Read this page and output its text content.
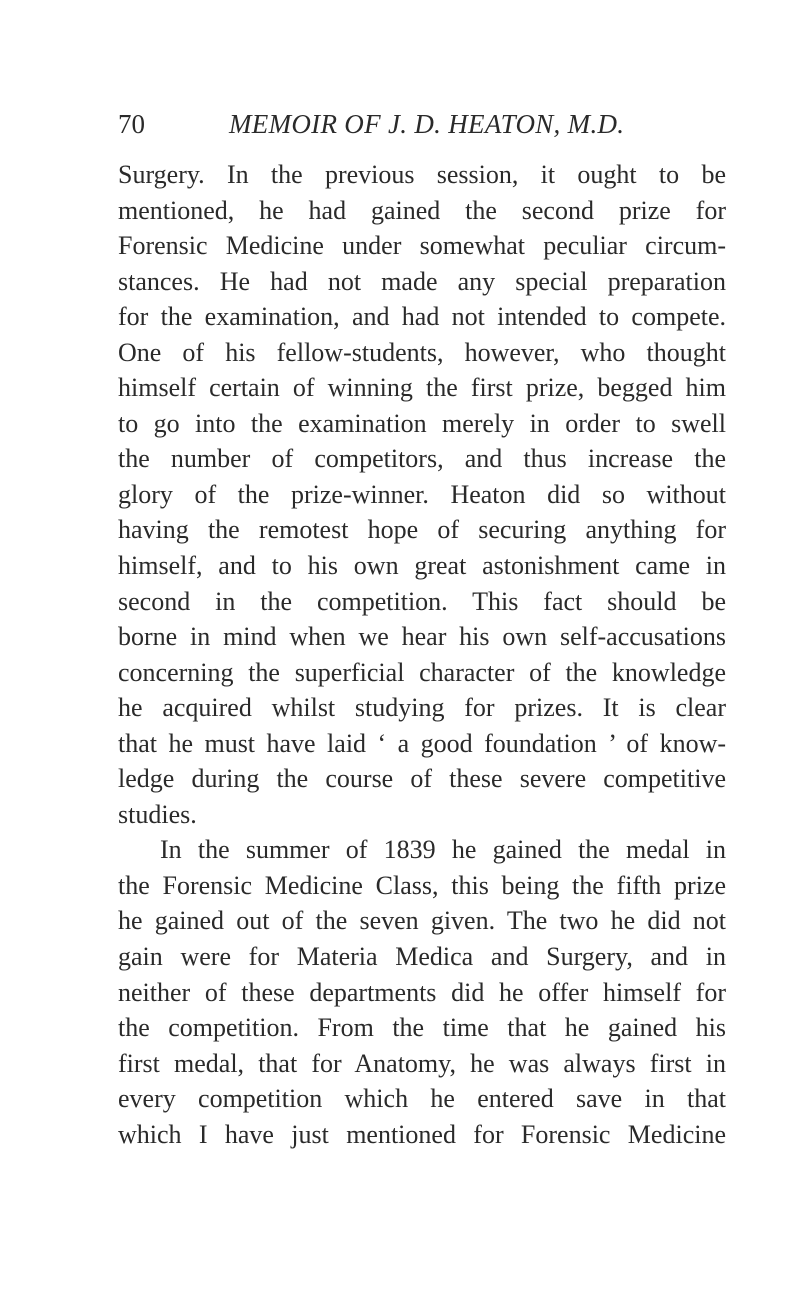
70	MEMOIR OF J. D. HEATON, M.D.
Surgery. In the previous session, it ought to be
mentioned, he had gained the second prize for
Forensic Medicine under somewhat peculiar circum-
stances. He had not made any special preparation
for the examination, and had not intended to compete.
One of his fellow-students, however, who thought
himself certain of winning the first prize, begged him
to go into the examination merely in order to swell
the number of competitors, and thus increase the
glory of the prize-winner. Heaton did so without
having the remotest hope of securing anything for
himself, and to his own great astonishment came in
second in the competition. This fact should be
borne in mind when we hear his own self-accusations
concerning the superficial character of the knowledge
he acquired whilst studying for prizes. It is clear
that he must have laid ‘ a good foundation ’ of know-
ledge during the course of these severe competitive
studies.
In the summer of 1839 he gained the medal in
the Forensic Medicine Class, this being the fifth prize
he gained out of the seven given. The two he did not
gain were for Materia Medica and Surgery, and in
neither of these departments did he offer himself for
the competition. From the time that he gained his
first medal, that for Anatomy, he was always first in
every competition which he entered save in that
which I have just mentioned for Forensic Medicine
